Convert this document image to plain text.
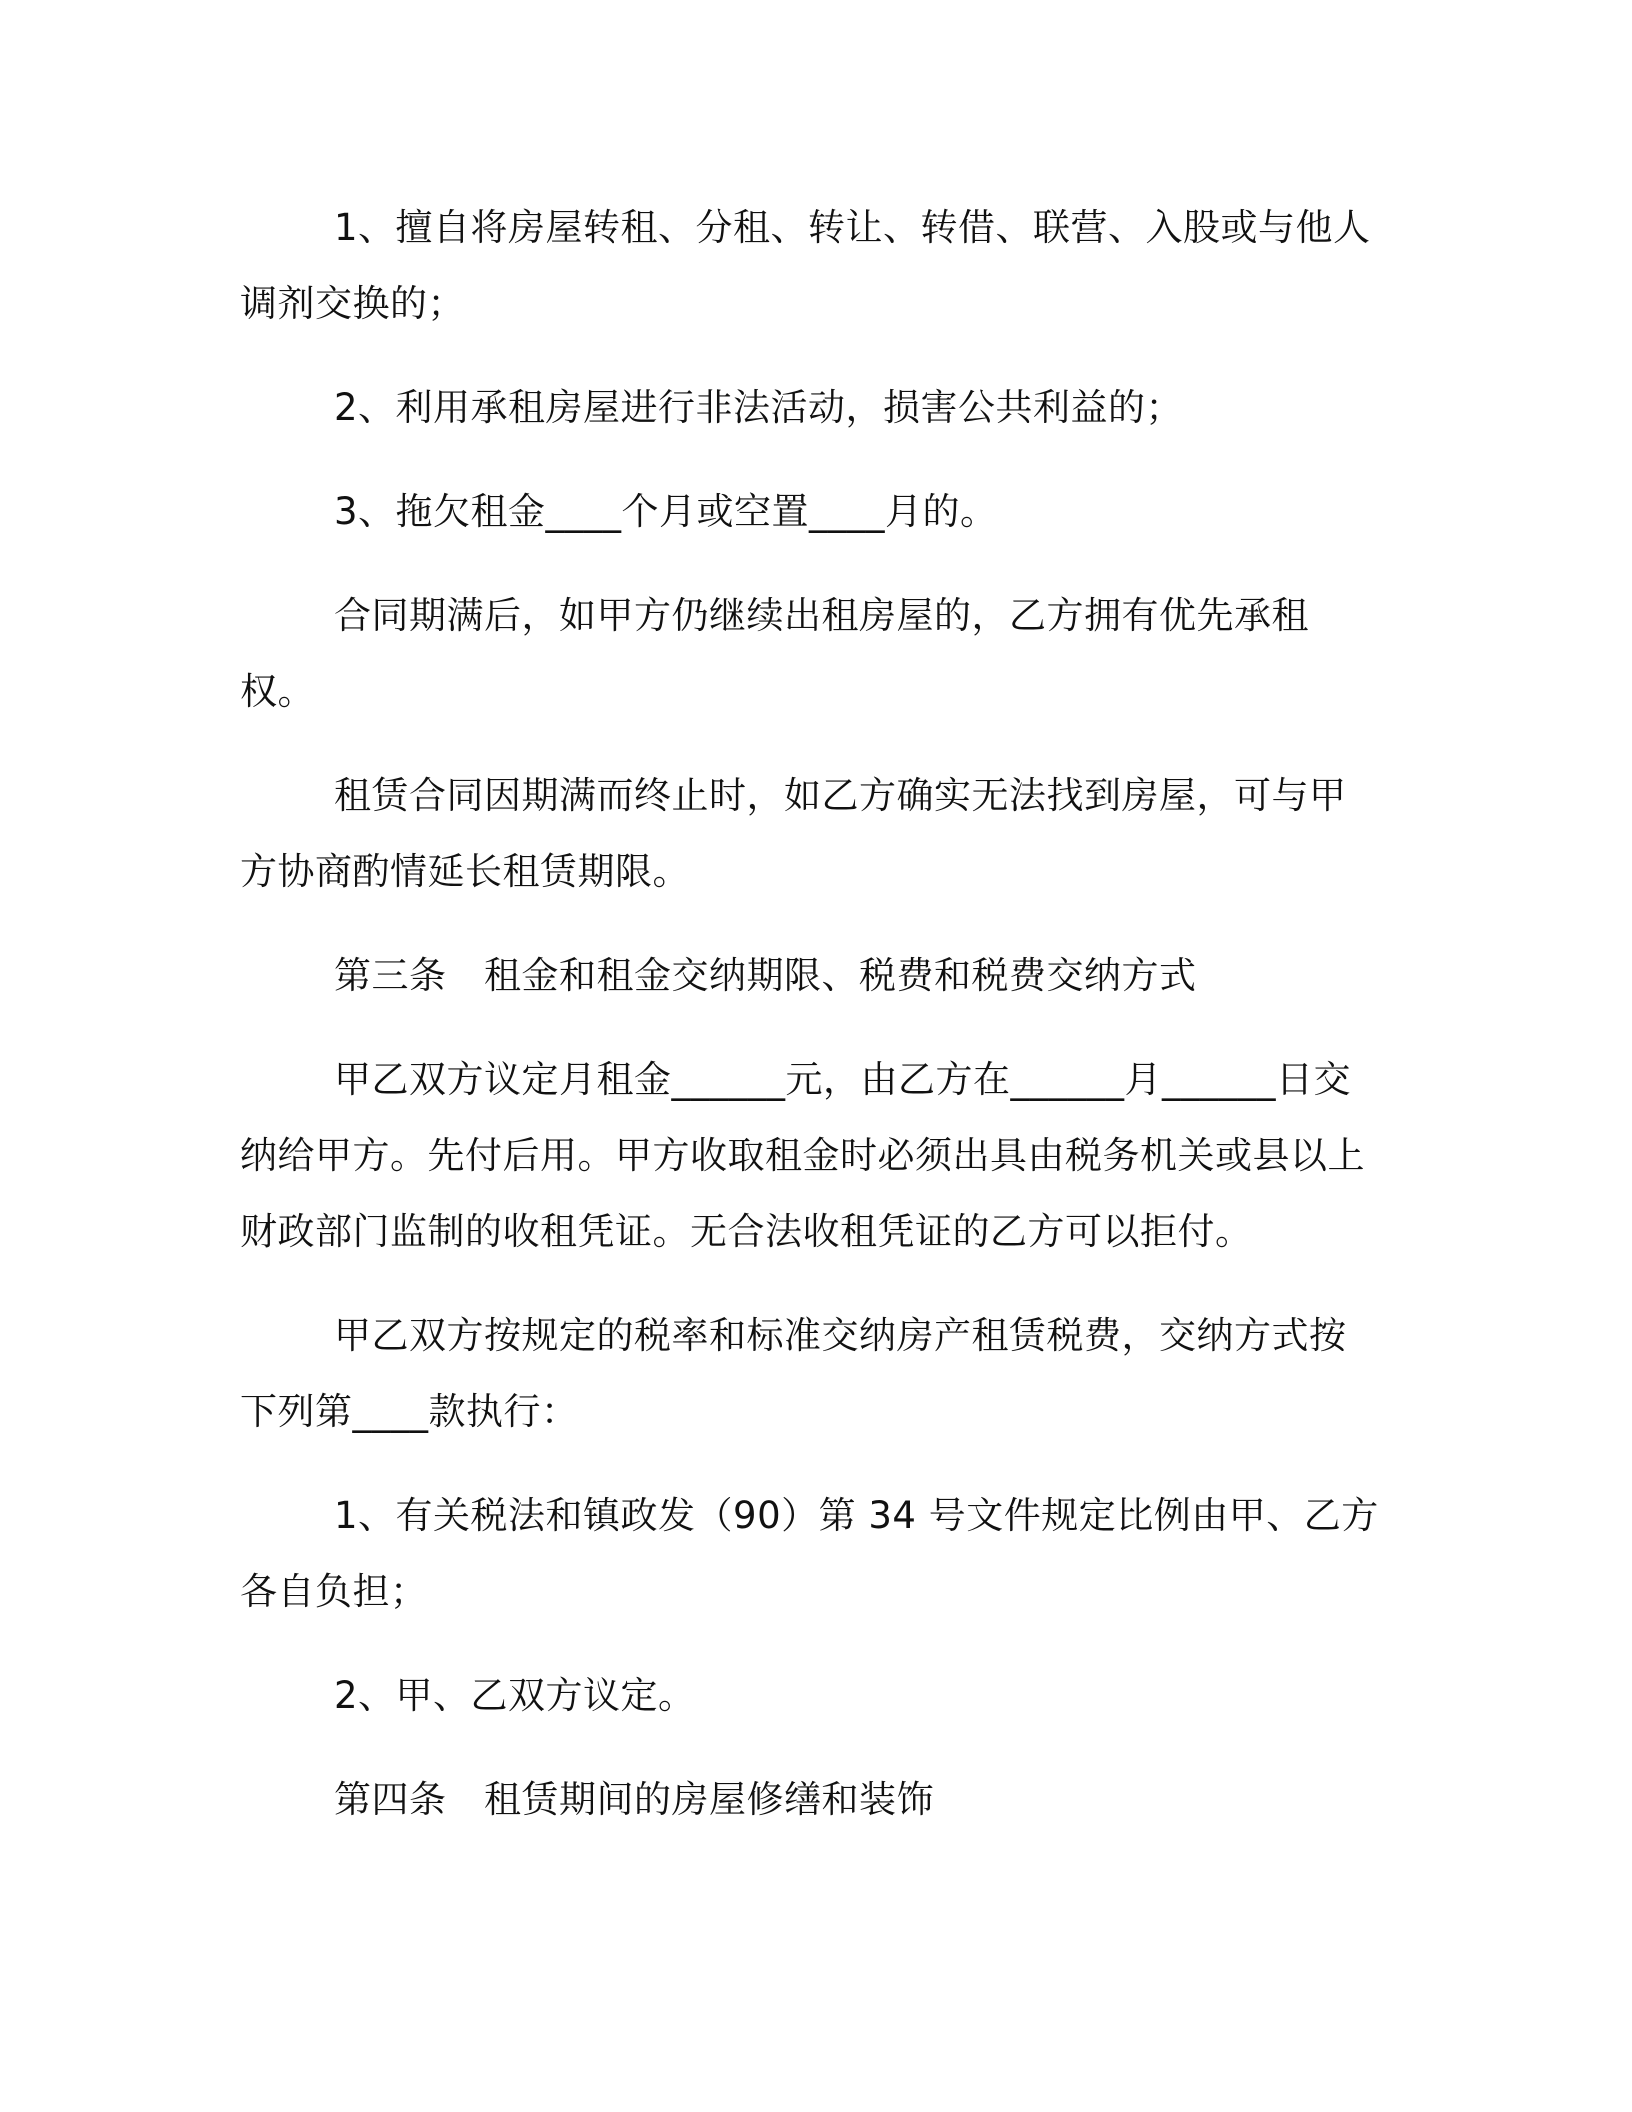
1、擅自将房屋转租、分租、转让、转借、联营、入股或与他人调剂交换的；

2、利用承租房屋进行非法活动，损害公共利益的；

3、拖欠租金____个月或空置____月的。

合同期满后，如甲方仍继续出租房屋的，乙方拥有优先承租权。

租赁合同因期满而终止时，如乙方确实无法找到房屋，可与甲方协商酌情延长租赁期限。

第三条　租金和租金交纳期限、税费和税费交纳方式

甲乙双方议定月租金______元，由乙方在______月______日交纳给甲方。先付后用。甲方收取租金时必须出具由税务机关或县以上财政部门监制的收租凭证。无合法收租凭证的乙方可以拒付。

甲乙双方按规定的税率和标准交纳房产租赁税费，交纳方式按下列第____款执行：

1、有关税法和镇政发（90）第 34 号文件规定比例由甲、乙方各自负担；

2、甲、乙双方议定。

第四条　租赁期间的房屋修缮和装饰
